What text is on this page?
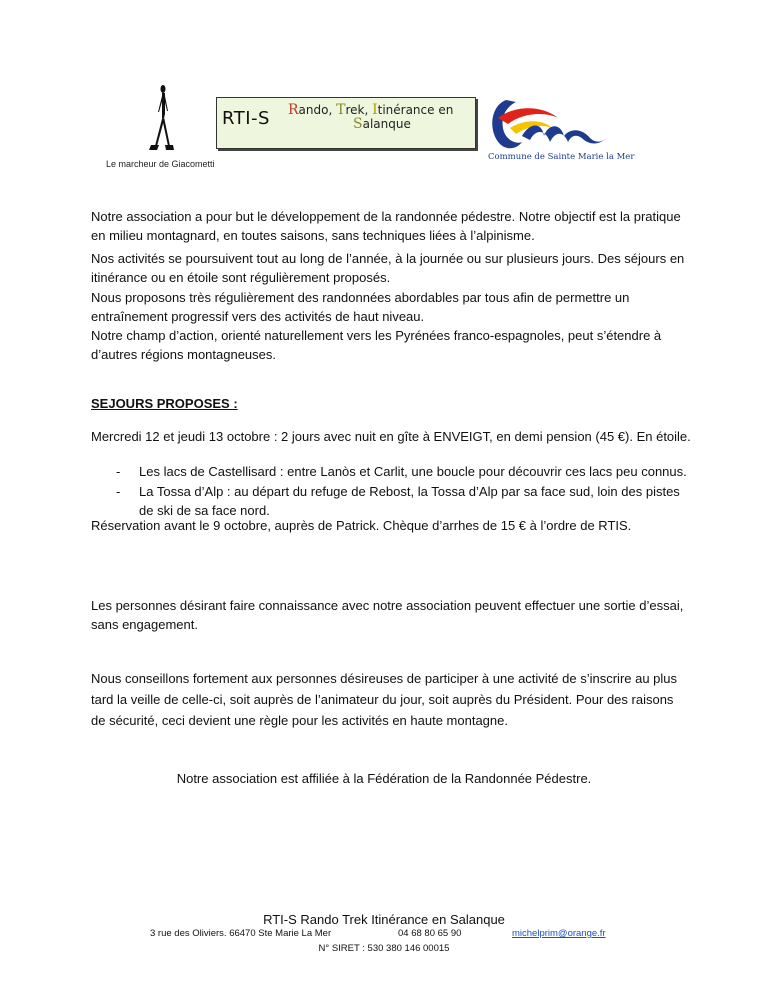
Le marcheur de Giacometti
RTI-S Rando, Trek, Itinérance en
Salanque
Commune de Sainte Marie la Mer
Notre association a pour but le développement de la randonnée pédestre. Notre objectif est la pratique en milieu montagnard, en toutes saisons, sans techniques liées à l’alpinisme.
Nos activités se poursuivent tout au long de l’année, à la journée ou sur plusieurs jours. Des séjours en itinérance ou en étoile sont régulièrement proposés.
Nous proposons très régulièrement des randonnées abordables par tous afin de permettre un entraînement progressif vers des activités de haut niveau.
Notre champ d’action, orienté naturellement vers les Pyrénées franco-espagnoles, peut s’étendre à d’autres régions montagneuses.
SEJOURS PROPOSES :
Mercredi 12 et jeudi 13 octobre : 2 jours avec nuit en gîte à ENVEIGT, en demi pension (45 €). En étoile.
- Les lacs de Castellisard : entre Lanòs et Carlit, une boucle pour découvrir ces lacs peu connus.
- La Tossa d’Alp : au départ du refuge de Rebost, la Tossa d’Alp par sa face sud, loin des pistes de ski de sa face nord.
Réservation avant le 9 octobre, auprès de Patrick. Chèque d’arrhes de 15 € à l’ordre de RTIS.
Les personnes désirant faire connaissance avec notre association peuvent effectuer une sortie d’essai, sans engagement.
Nous conseillons fortement aux personnes désireuses de participer à une activité de s’inscrire au plus tard la veille de celle-ci, soit auprès de l’animateur du jour, soit auprès du Président. Pour des raisons de sécurité, ceci devient une règle pour les activités en haute montagne.
Notre association est affiliée à la Fédération de la Randonnée Pédestre.
RTI-S Rando Trek Itinérance en Salanque
3 rue des Oliviers. 66470 Ste Marie La Mer	04 68 80 65 90	michelprim@orange.fr
N° SIRET : 530 380 146 00015
